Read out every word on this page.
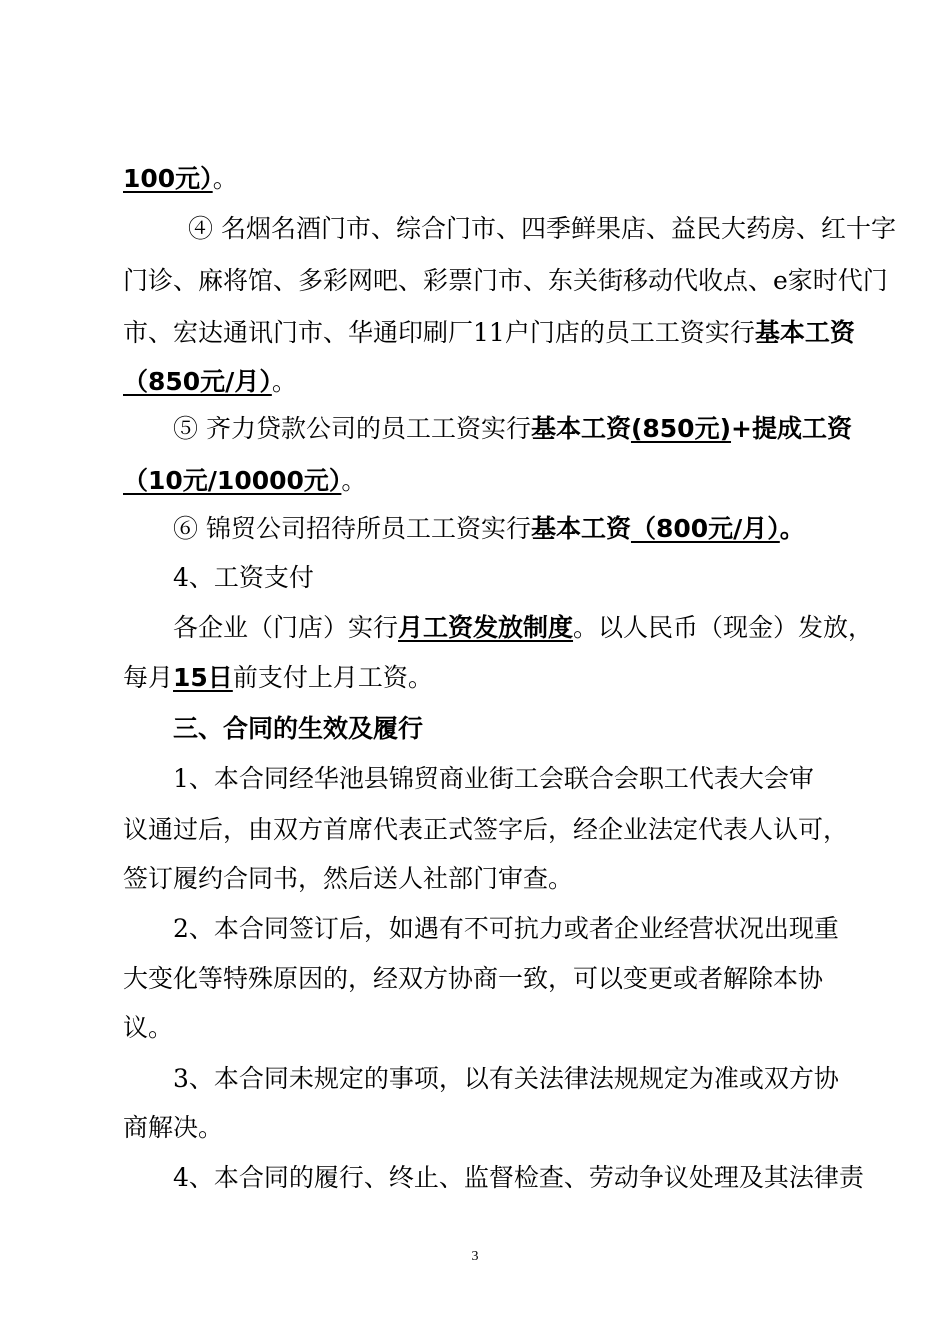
100元）。
④ 名烟名酒门市、综合门市、四季鲜果店、益民大药房、红十字
门诊、麻将馆、多彩网吧、彩票门市、东关街移动代收点、e家时代门
市、宏达通讯门市、华通印刷厂11户门店的员工工资实行基本工资
（850元/月）。
⑤ 齐力贷款公司的员工工资实行基本工资(850元)+提成工资
（10元/10000元）。
⑥ 锦贸公司招待所员工工资实行基本工资（800元/月）。
4、工资支付
各企业（门店）实行月工资发放制度。以人民币（现金）发放，
每月15日前支付上月工资。
三、合同的生效及履行
1、本合同经华池县锦贸商业街工会联合会职工代表大会审
议通过后，由双方首席代表正式签字后，经企业法定代表人认可，
签订履约合同书，然后送人社部门审查。
2、本合同签订后，如遇有不可抗力或者企业经营状况出现重
大变化等特殊原因的，经双方协商一致，可以变更或者解除本协
议。
3、本合同未规定的事项，以有关法律法规规定为准或双方协
商解决。
4、本合同的履行、终止、监督检查、劳动争议处理及其法律责
3
